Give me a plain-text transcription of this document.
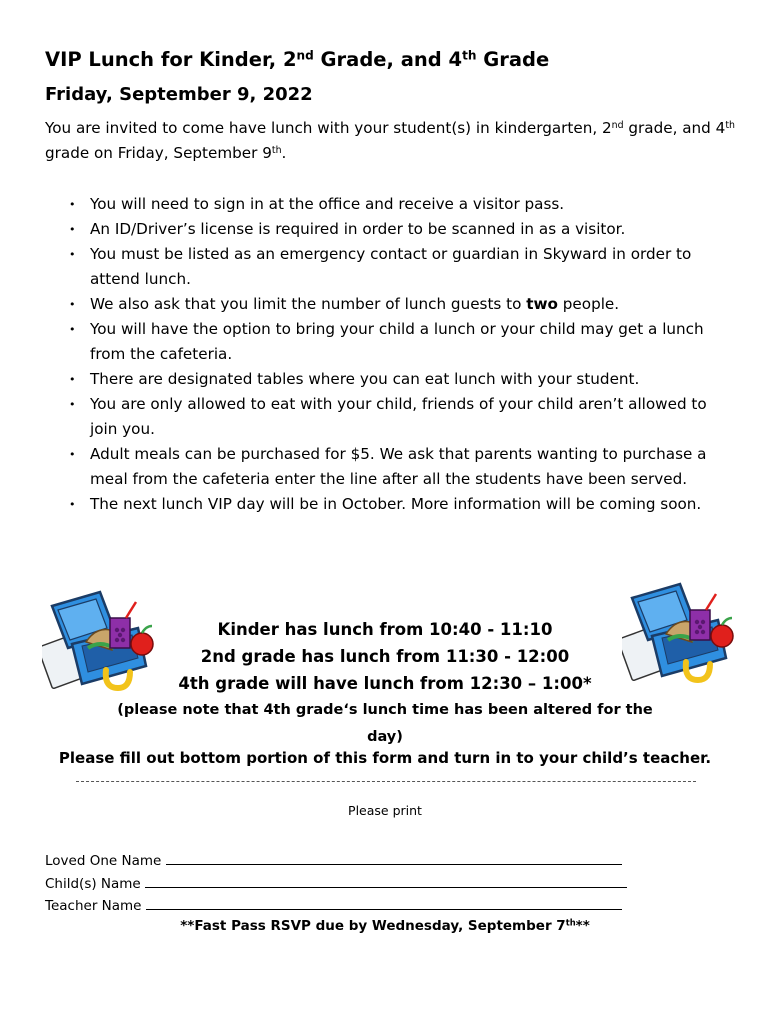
VIP Lunch for Kinder, 2nd Grade, and 4th Grade
Friday, September 9, 2022
You are invited to come have lunch with your student(s) in kindergarten, 2nd grade, and 4th grade on Friday, September 9th.
• You will need to sign in at the office and receive a visitor pass.
• An ID/Driver’s license is required in order to be scanned in as a visitor.
• You must be listed as an emergency contact or guardian in Skyward in order to attend lunch.
• We also ask that you limit the number of lunch guests to two people.
• You will have the option to bring your child a lunch or your child may get a lunch from the cafeteria.
• There are designated tables where you can eat lunch with your student.
• You are only allowed to eat with your child, friends of your child aren’t allowed to join you.
• Adult meals can be purchased for $5. We ask that parents wanting to purchase a meal from the cafeteria enter the line after all the students have been served.
• The next lunch VIP day will be in October. More information will be coming soon.
Kinder has lunch from 10:40 - 11:10
2nd grade has lunch from 11:30 - 12:00
4th grade will have lunch from 12:30 – 1:00*
(please note that 4th grade‘s lunch time has been altered for the day)
Please fill out bottom portion of this form and turn in to your child’s teacher.
Please print
Loved One Name
Child(s) Name
Teacher Name
**Fast Pass RSVP due by Wednesday, September 7th**
